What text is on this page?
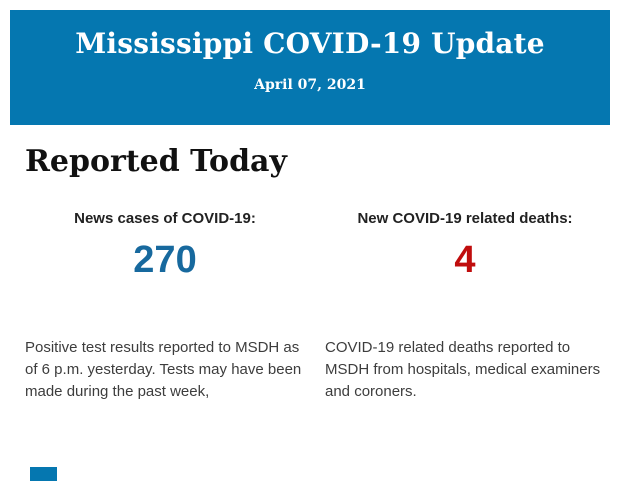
Mississippi COVID-19 Update
April 07, 2021
Reported Today
News cases of COVID-19:
270
New COVID-19 related deaths:
4
Positive test results reported to MSDH as of 6 p.m. yesterday. Tests may have been made during the past week,
COVID-19 related deaths reported to MSDH from hospitals, medical examiners and coroners.
